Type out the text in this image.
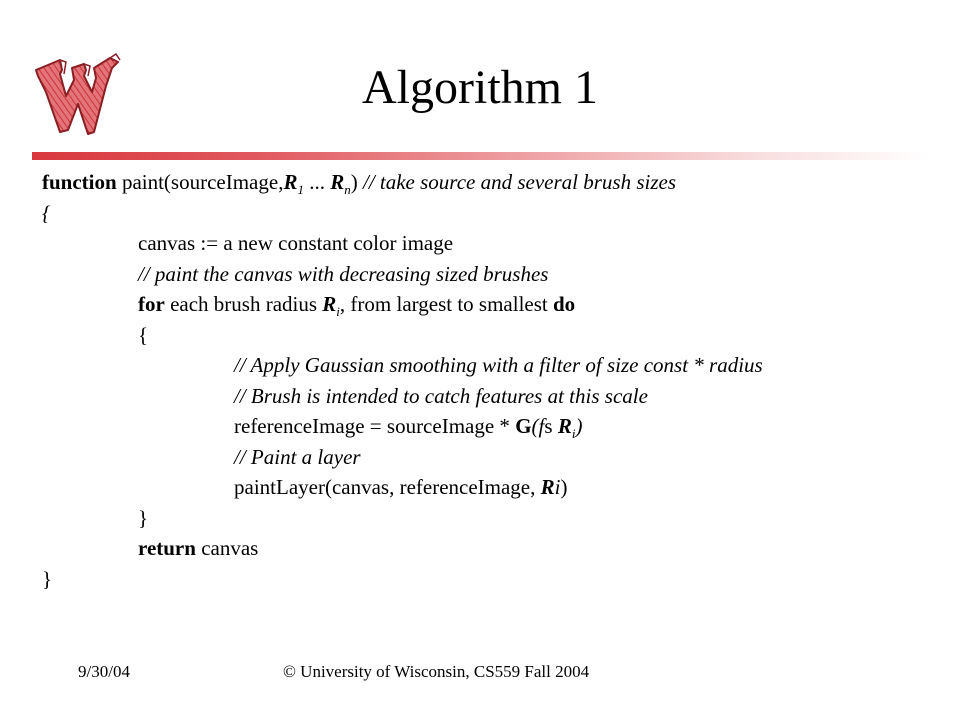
Algorithm 1
function $paint(sourceImage,R_1$ ... $R_n$) // take source and several brush sizes
{
canvas := a new constant color image
// paint the canvas with decreasing sized brushes
for each brush radius $R_i$, from largest to smallest do
{
// Apply Gaussian smoothing with a filter of size const * radius
// Brush is intended to catch features at this scale
referenceImage = sourceImage * G(fs $R_i$)
// Paint a layer
paintLayer(canvas, referenceImage, Ri)
}
return canvas
}
9/30/04	© University of Wisconsin, CS559 Fall 2004
